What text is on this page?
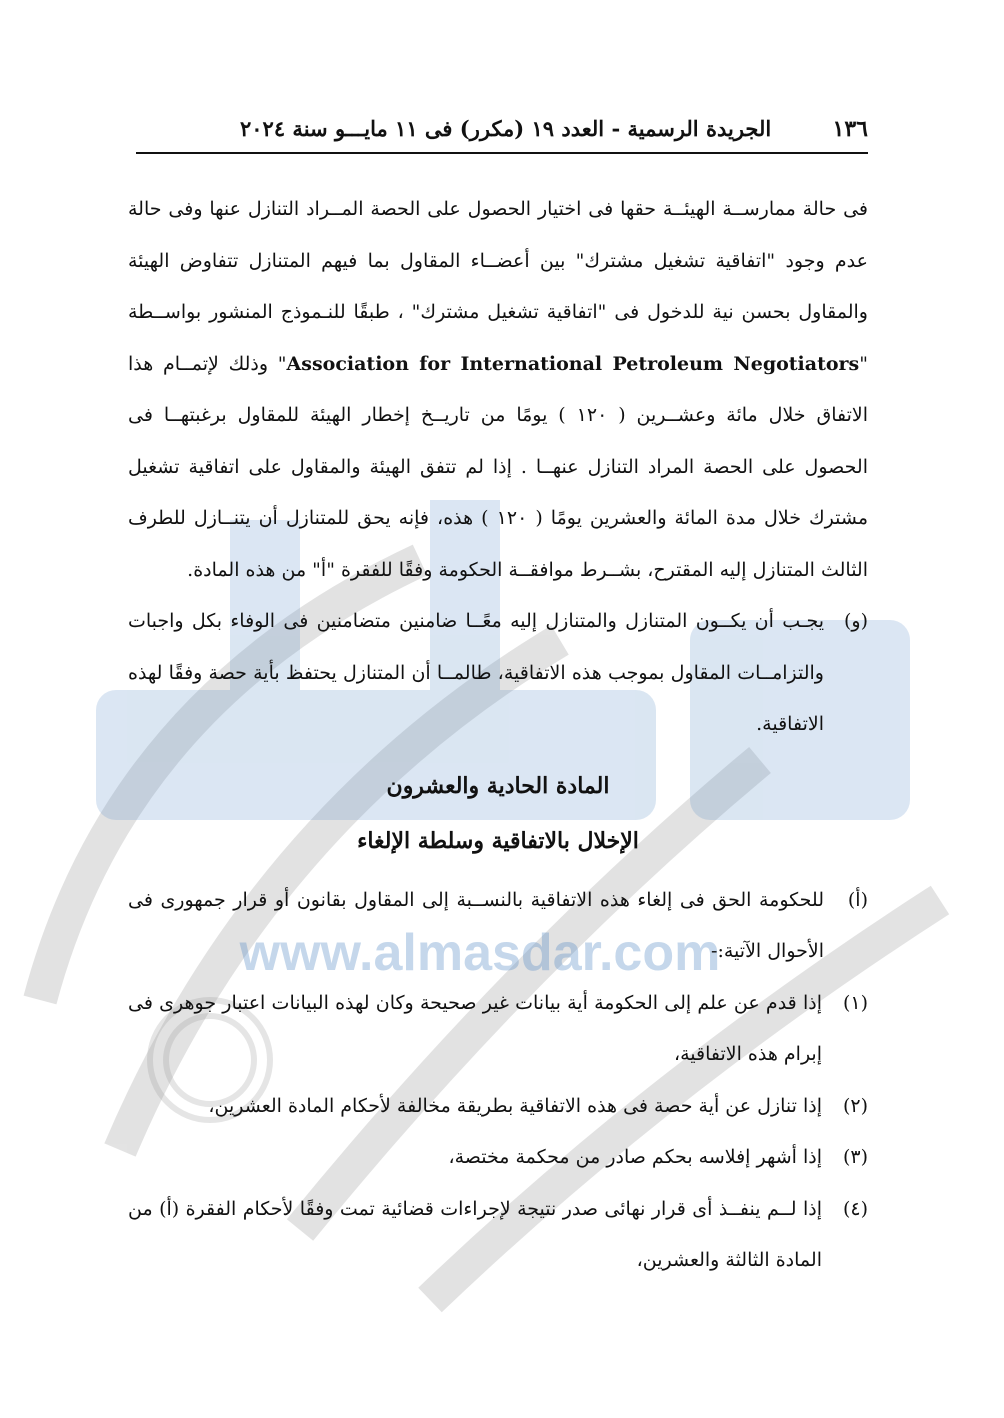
www.almasdar.com
١٣٦
الجريدة الرسمية - العدد ١٩ (مكرر) فى ١١ مايـــو سنة ٢٠٢٤

فى حالة ممارســة الهيئــة حقها فى اختيار الحصول على الحصة المــراد التنازل عنها وفى حالة عدم وجود "اتفاقية تشغيل مشترك" بين أعضــاء المقاول بما فيهم المتنازل تتفاوض الهيئة والمقاول بحسن نية للدخول فى "اتفاقية تشغيل مشترك" ، طبقًا للنـموذج المنشور بواســطة "Association for International Petroleum Negotiators" وذلك لإتمــام هذا الاتفاق خلال مائة وعشــرين ( ١٢٠ ) يومًا من تاريــخ إخطار الهيئة للمقاول برغبتهــا فى الحصول على الحصة المراد التنازل عنهــا . إذا لم تتفق الهيئة والمقاول على اتفاقية تشغيل مشترك خلال مدة المائة والعشرين يومًا ( ١٢٠ ) هذه، فإنه يحق للمتنازل أن يتنــازل للطرف الثالث المتنازل إليه المقترح، بشــرط موافقــة الحكومة وفقًا للفقرة "أ" من هذه المادة.

(و)
يجـب أن يكــون المتنازل والمتنازل إليه معًــا ضامنين متضامنين فى الوفاء بكل واجبات والتزامــات المقاول بموجب هذه الاتفاقية، طالمــا أن المتنازل يحتفظ بأية حصة وفقًا لهذه الاتفاقية.

المادة الحادية والعشرون

الإخلال بالاتفاقية وسلطة الإلغاء

(أ)
للحكومة الحق فى إلغاء هذه الاتفاقية بالنســبة إلى المقاول بقانون أو قرار جمهورى فى الأحوال الآتية:-
(١)
إذا قدم عن علم إلى الحكومة أية بيانات غير صحيحة وكان لهذه البيانات اعتبار جوهرى فى إبرام هذه الاتفاقية،
(٢)
إذا تنازل عن أية حصة فى هذه الاتفاقية بطريقة مخالفة لأحكام المادة العشرين،
(٣)
إذا أشهر إفلاسه بحكم صادر من محكمة مختصة،
(٤)
إذا لــم ينفــذ أى قرار نهائى صدر نتيجة لإجراءات قضائية تمت وفقًا لأحكام الفقرة (أ) من المادة الثالثة والعشرين،
